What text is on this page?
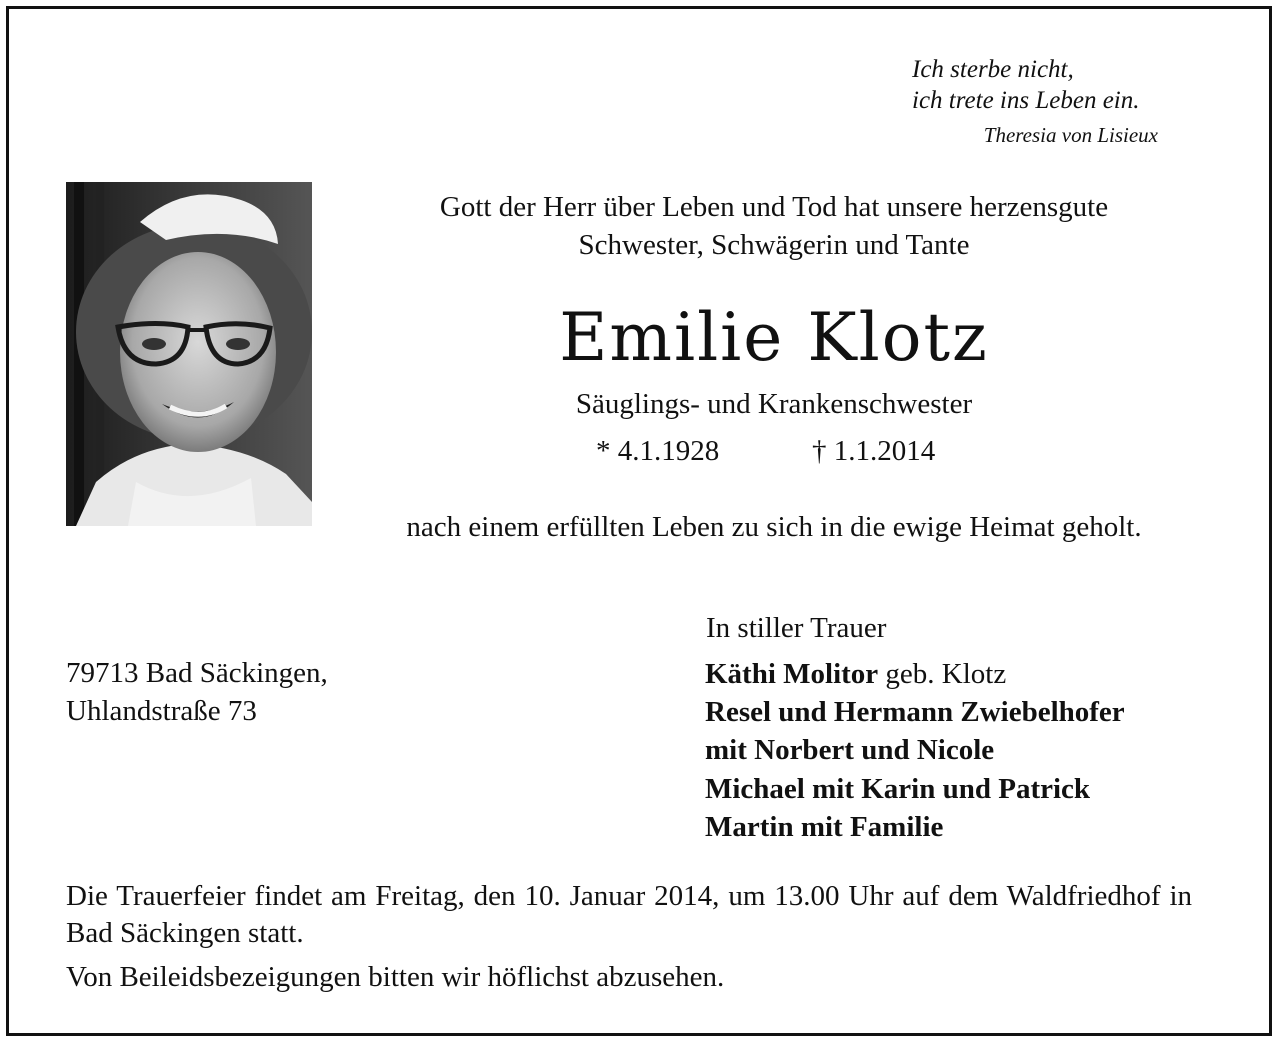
Ich sterbe nicht,
ich trete ins Leben ein.
Theresia von Lisieux
Gott der Herr über Leben und Tod hat unsere herzensgute
Schwester, Schwägerin und Tante
Emilie Klotz
Säuglings- und Krankenschwester
* 4.1.1928	† 1.1.2014
nach einem erfüllten Leben zu sich in die ewige Heimat geholt.
79713 Bad Säckingen,
Uhlandstraße 73
In stiller Trauer
Käthi Molitor geb. Klotz
Resel und Hermann Zwiebelhofer
mit Norbert und Nicole
Michael mit Karin und Patrick
Martin mit Familie
Die Trauerfeier findet am Freitag, den 10. Januar 2014, um 13.00 Uhr auf dem Waldfriedhof in Bad Säckingen statt.
Von Beileidsbezeigungen bitten wir höflichst abzusehen.
